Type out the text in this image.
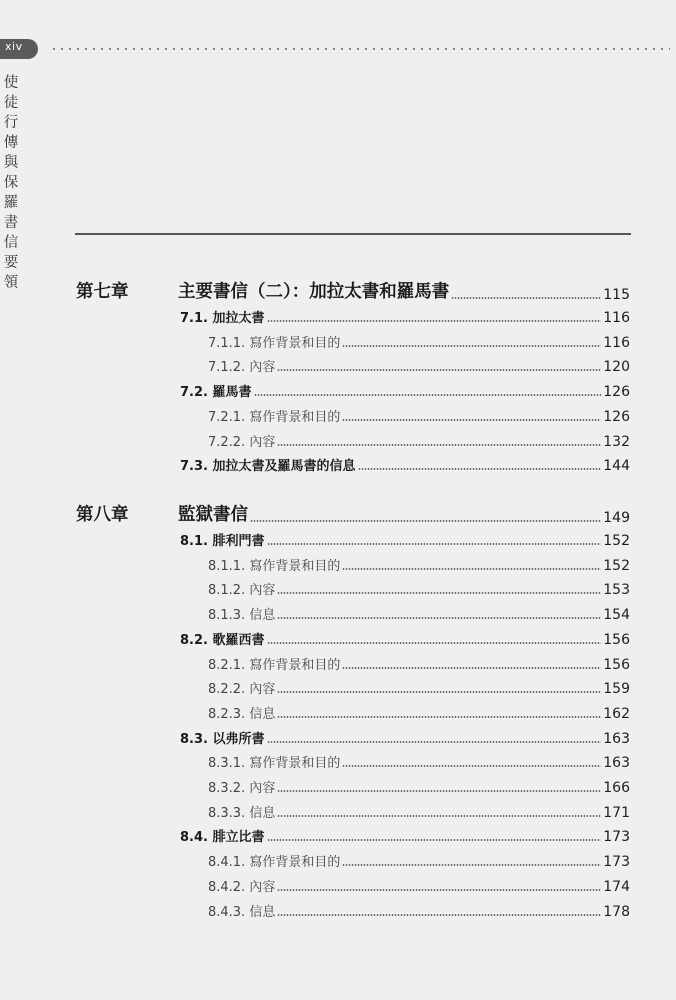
xiv
使
徒
行
傳
與
保
羅
書
信
要
領	第七章	主要書信（二）：加拉太書和羅馬書	115
7.1. 加拉太書	116
7.1.1. 寫作背景和目的	116
7.1.2. 內容	120
7.2. 羅馬書	126
7.2.1. 寫作背景和目的	126
7.2.2. 內容	132
7.3. 加拉太書及羅馬書的信息	144
第八章	監獄書信	149
8.1. 腓利門書	152
8.1.1. 寫作背景和目的	152
8.1.2. 內容	153
8.1.3. 信息	154
8.2. 歌羅西書	156
8.2.1. 寫作背景和目的	156
8.2.2. 內容	159
8.2.3. 信息	162
8.3. 以弗所書	163
8.3.1. 寫作背景和目的	163
8.3.2. 內容	166
8.3.3. 信息	171
8.4. 腓立比書	173
8.4.1. 寫作背景和目的	173
8.4.2. 內容	174
8.4.3. 信息	178
